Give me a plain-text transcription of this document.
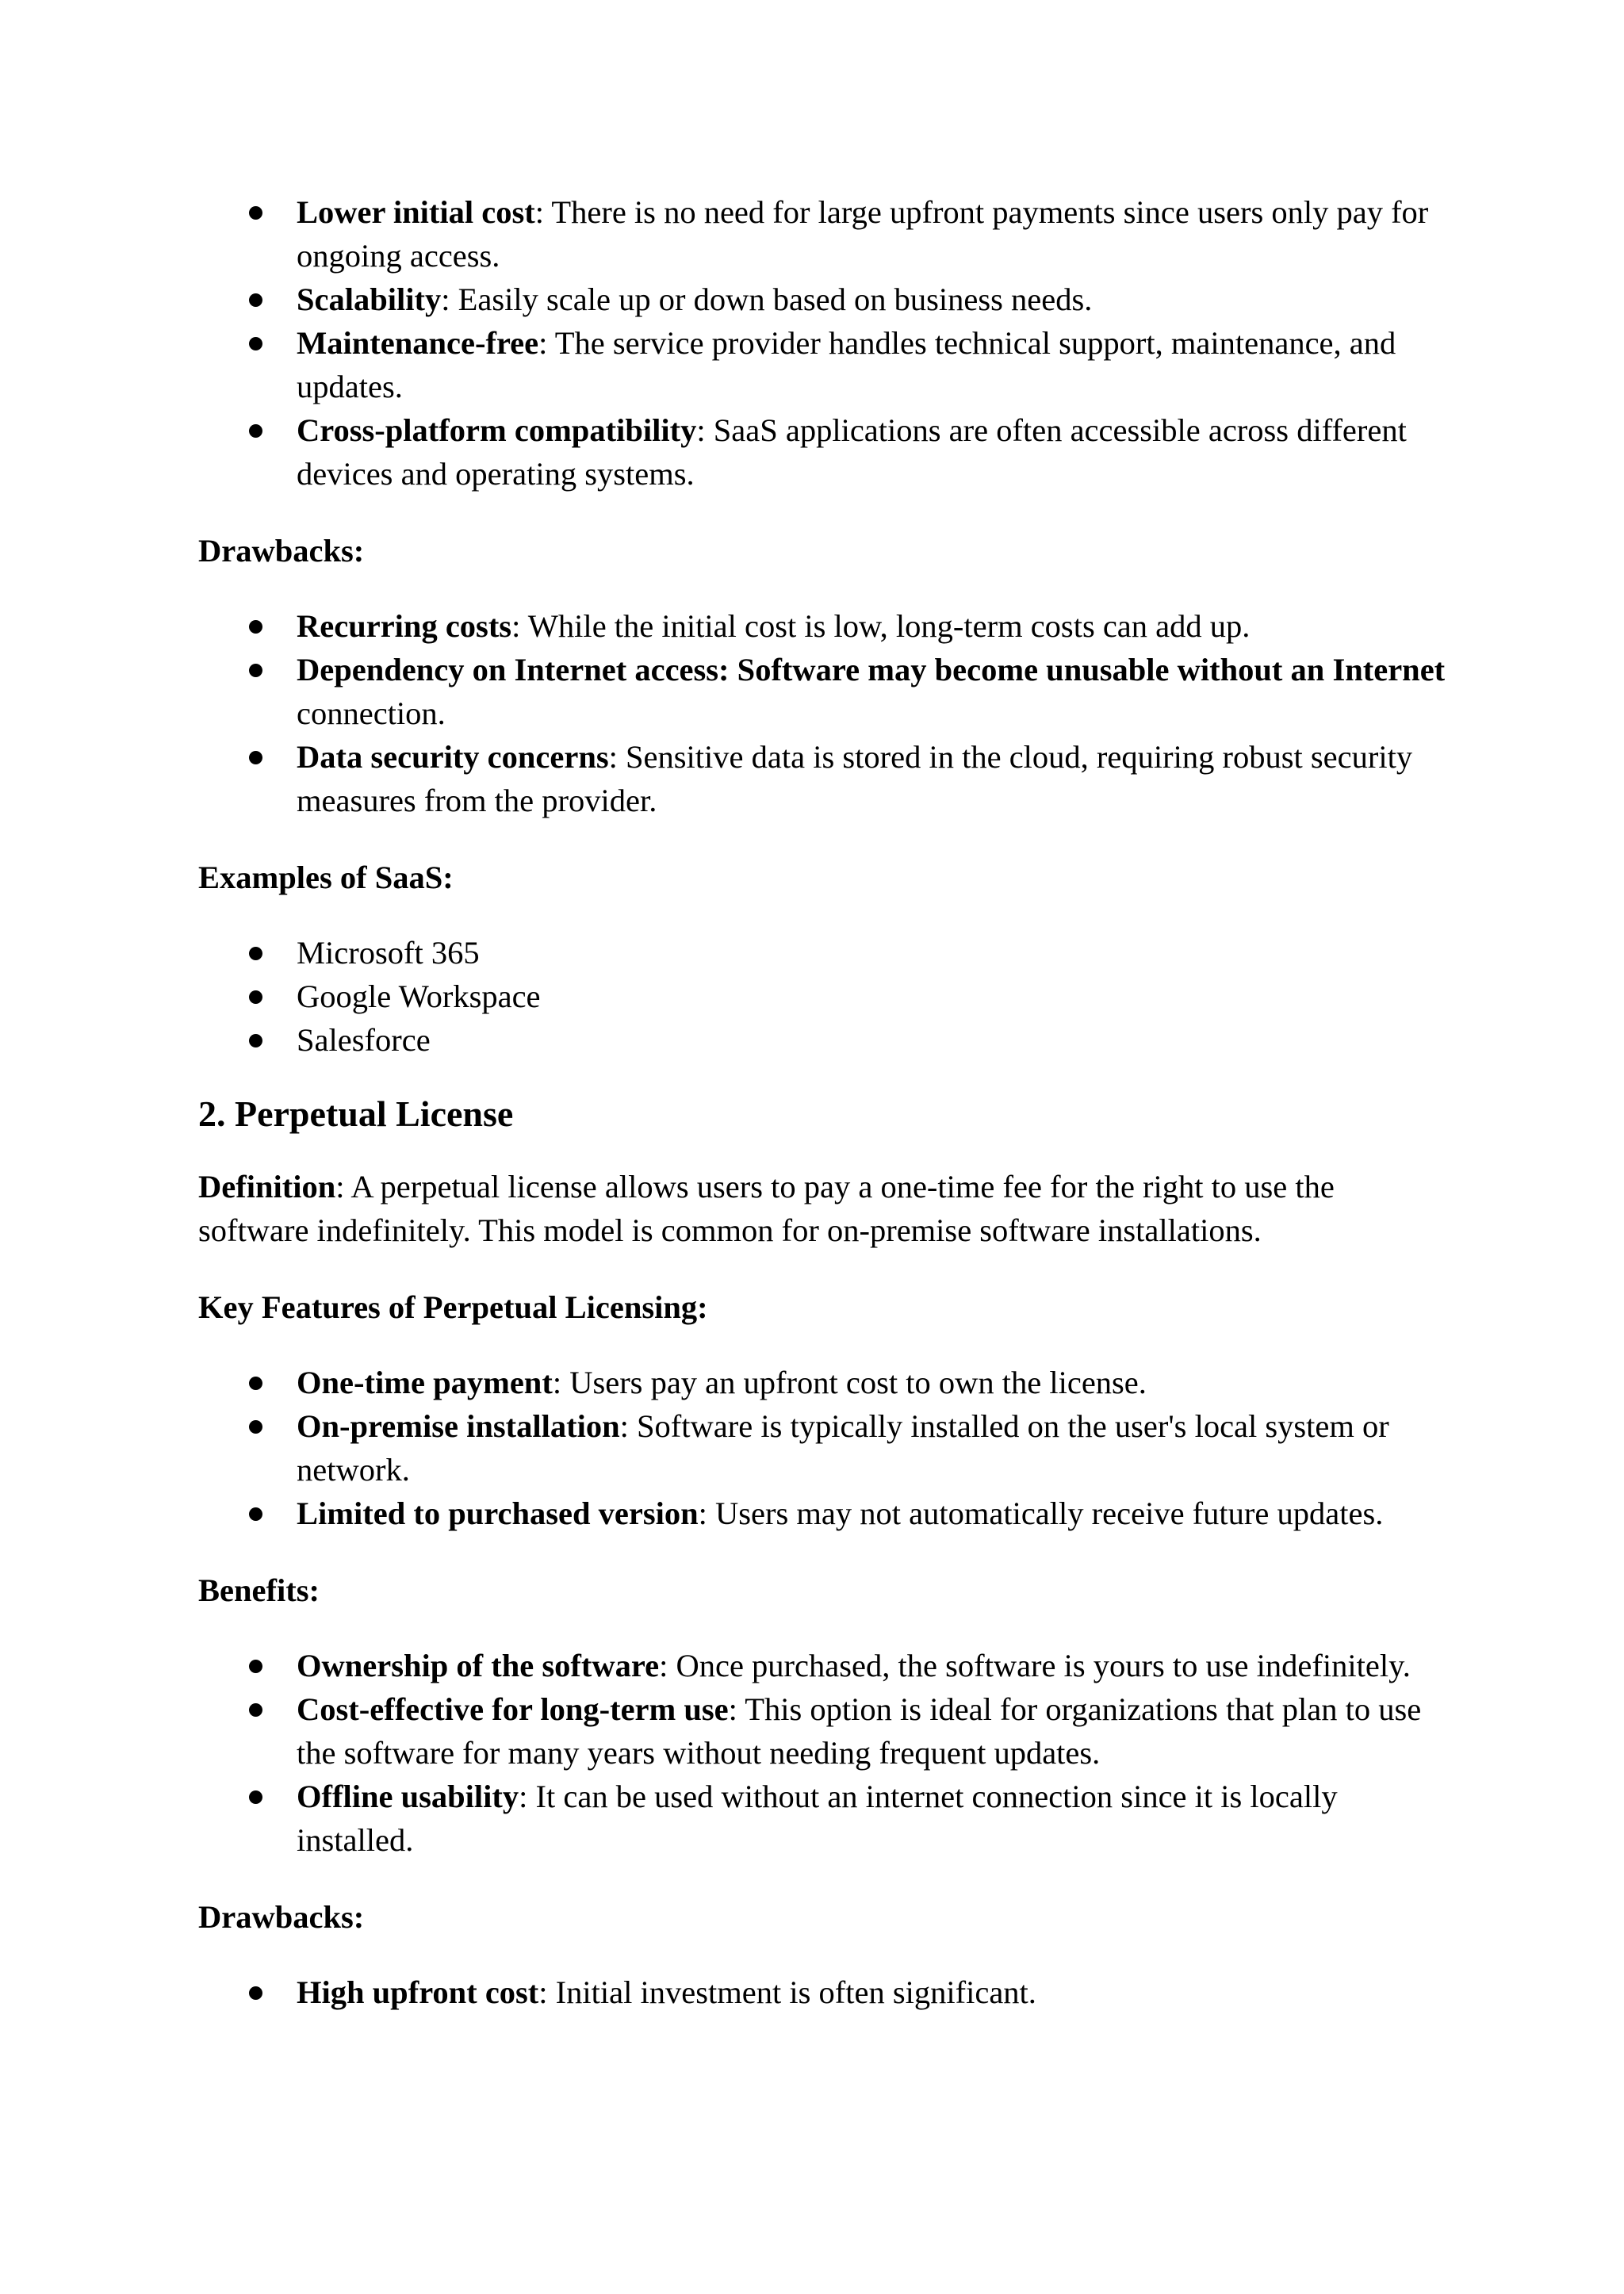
Lower initial cost: There is no need for large upfront payments since users only pay for ongoing access.
Scalability: Easily scale up or down based on business needs.
Maintenance-free: The service provider handles technical support, maintenance, and updates.
Cross-platform compatibility: SaaS applications are often accessible across different devices and operating systems.

Drawbacks:

Recurring costs: While the initial cost is low, long-term costs can add up.
Dependency on Internet access: Software may become unusable without an Internet connection.
Data security concerns: Sensitive data is stored in the cloud, requiring robust security measures from the provider.

Examples of SaaS:

Microsoft 365
Google Workspace
Salesforce
2. Perpetual License

Definition: A perpetual license allows users to pay a one-time fee for the right to use the software indefinitely. This model is common for on-premise software installations.

Key Features of Perpetual Licensing:

One-time payment: Users pay an upfront cost to own the license.
On-premise installation: Software is typically installed on the user's local system or network.
Limited to purchased version: Users may not automatically receive future updates.

Benefits:

Ownership of the software: Once purchased, the software is yours to use indefinitely.
Cost-effective for long-term use: This option is ideal for organizations that plan to use the software for many years without needing frequent updates.
Offline usability: It can be used without an internet connection since it is locally installed.

Drawbacks:

High upfront cost: Initial investment is often significant.
